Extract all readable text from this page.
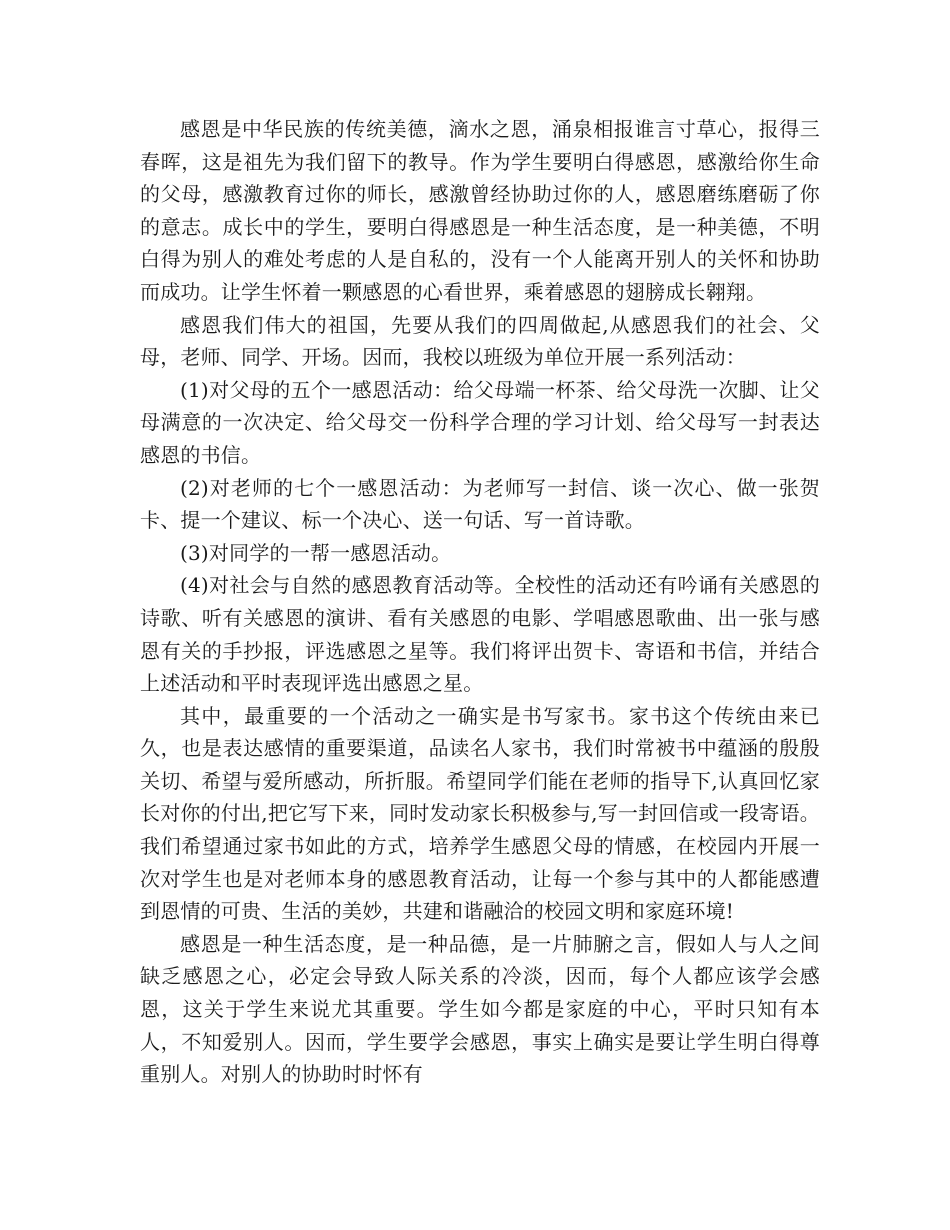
感恩是中华民族的传统美德，滴水之恩，涌泉相报谁言寸草心，报得三春晖，这是祖先为我们留下的教导。作为学生要明白得感恩，感激给你生命的父母，感激教育过你的师长，感激曾经协助过你的人，感恩磨练磨砺了你的意志。成长中的学生，要明白得感恩是一种生活态度，是一种美德，不明白得为别人的难处考虑的人是自私的，没有一个人能离开别人的关怀和协助而成功。让学生怀着一颗感恩的心看世界，乘着感恩的翅膀成长翱翔。

感恩我们伟大的祖国，先要从我们的四周做起,从感恩我们的社会、父母，老师、同学、开场。因而，我校以班级为单位开展一系列活动：

(1)对父母的五个一感恩活动：给父母端一杯茶、给父母洗一次脚、让父母满意的一次决定、给父母交一份科学合理的学习计划、给父母写一封表达感恩的书信。

(2)对老师的七个一感恩活动：为老师写一封信、谈一次心、做一张贺卡、提一个建议、标一个决心、送一句话、写一首诗歌。

(3)对同学的一帮一感恩活动。

(4)对社会与自然的感恩教育活动等。全校性的活动还有吟诵有关感恩的诗歌、听有关感恩的演讲、看有关感恩的电影、学唱感恩歌曲、出一张与感恩有关的手抄报，评选感恩之星等。我们将评出贺卡、寄语和书信，并结合上述活动和平时表现评选出感恩之星。

其中，最重要的一个活动之一确实是书写家书。家书这个传统由来已久，也是表达感情的重要渠道，品读名人家书，我们时常被书中蕴涵的殷殷关切、希望与爱所感动，所折服。希望同学们能在老师的指导下,认真回忆家长对你的付出,把它写下来，同时发动家长积极参与,写一封回信或一段寄语。我们希望通过家书如此的方式，培养学生感恩父母的情感，在校园内开展一次对学生也是对老师本身的感恩教育活动，让每一个参与其中的人都能感遭到恩情的可贵、生活的美妙，共建和谐融洽的校园文明和家庭环境!

感恩是一种生活态度，是一种品德，是一片肺腑之言，假如人与人之间缺乏感恩之心，必定会导致人际关系的冷淡，因而，每个人都应该学会感恩，这关于学生来说尤其重要。学生如今都是家庭的中心，平时只知有本人，不知爱别人。因而，学生要学会感恩，事实上确实是要让学生明白得尊重别人。对别人的协助时时怀有
